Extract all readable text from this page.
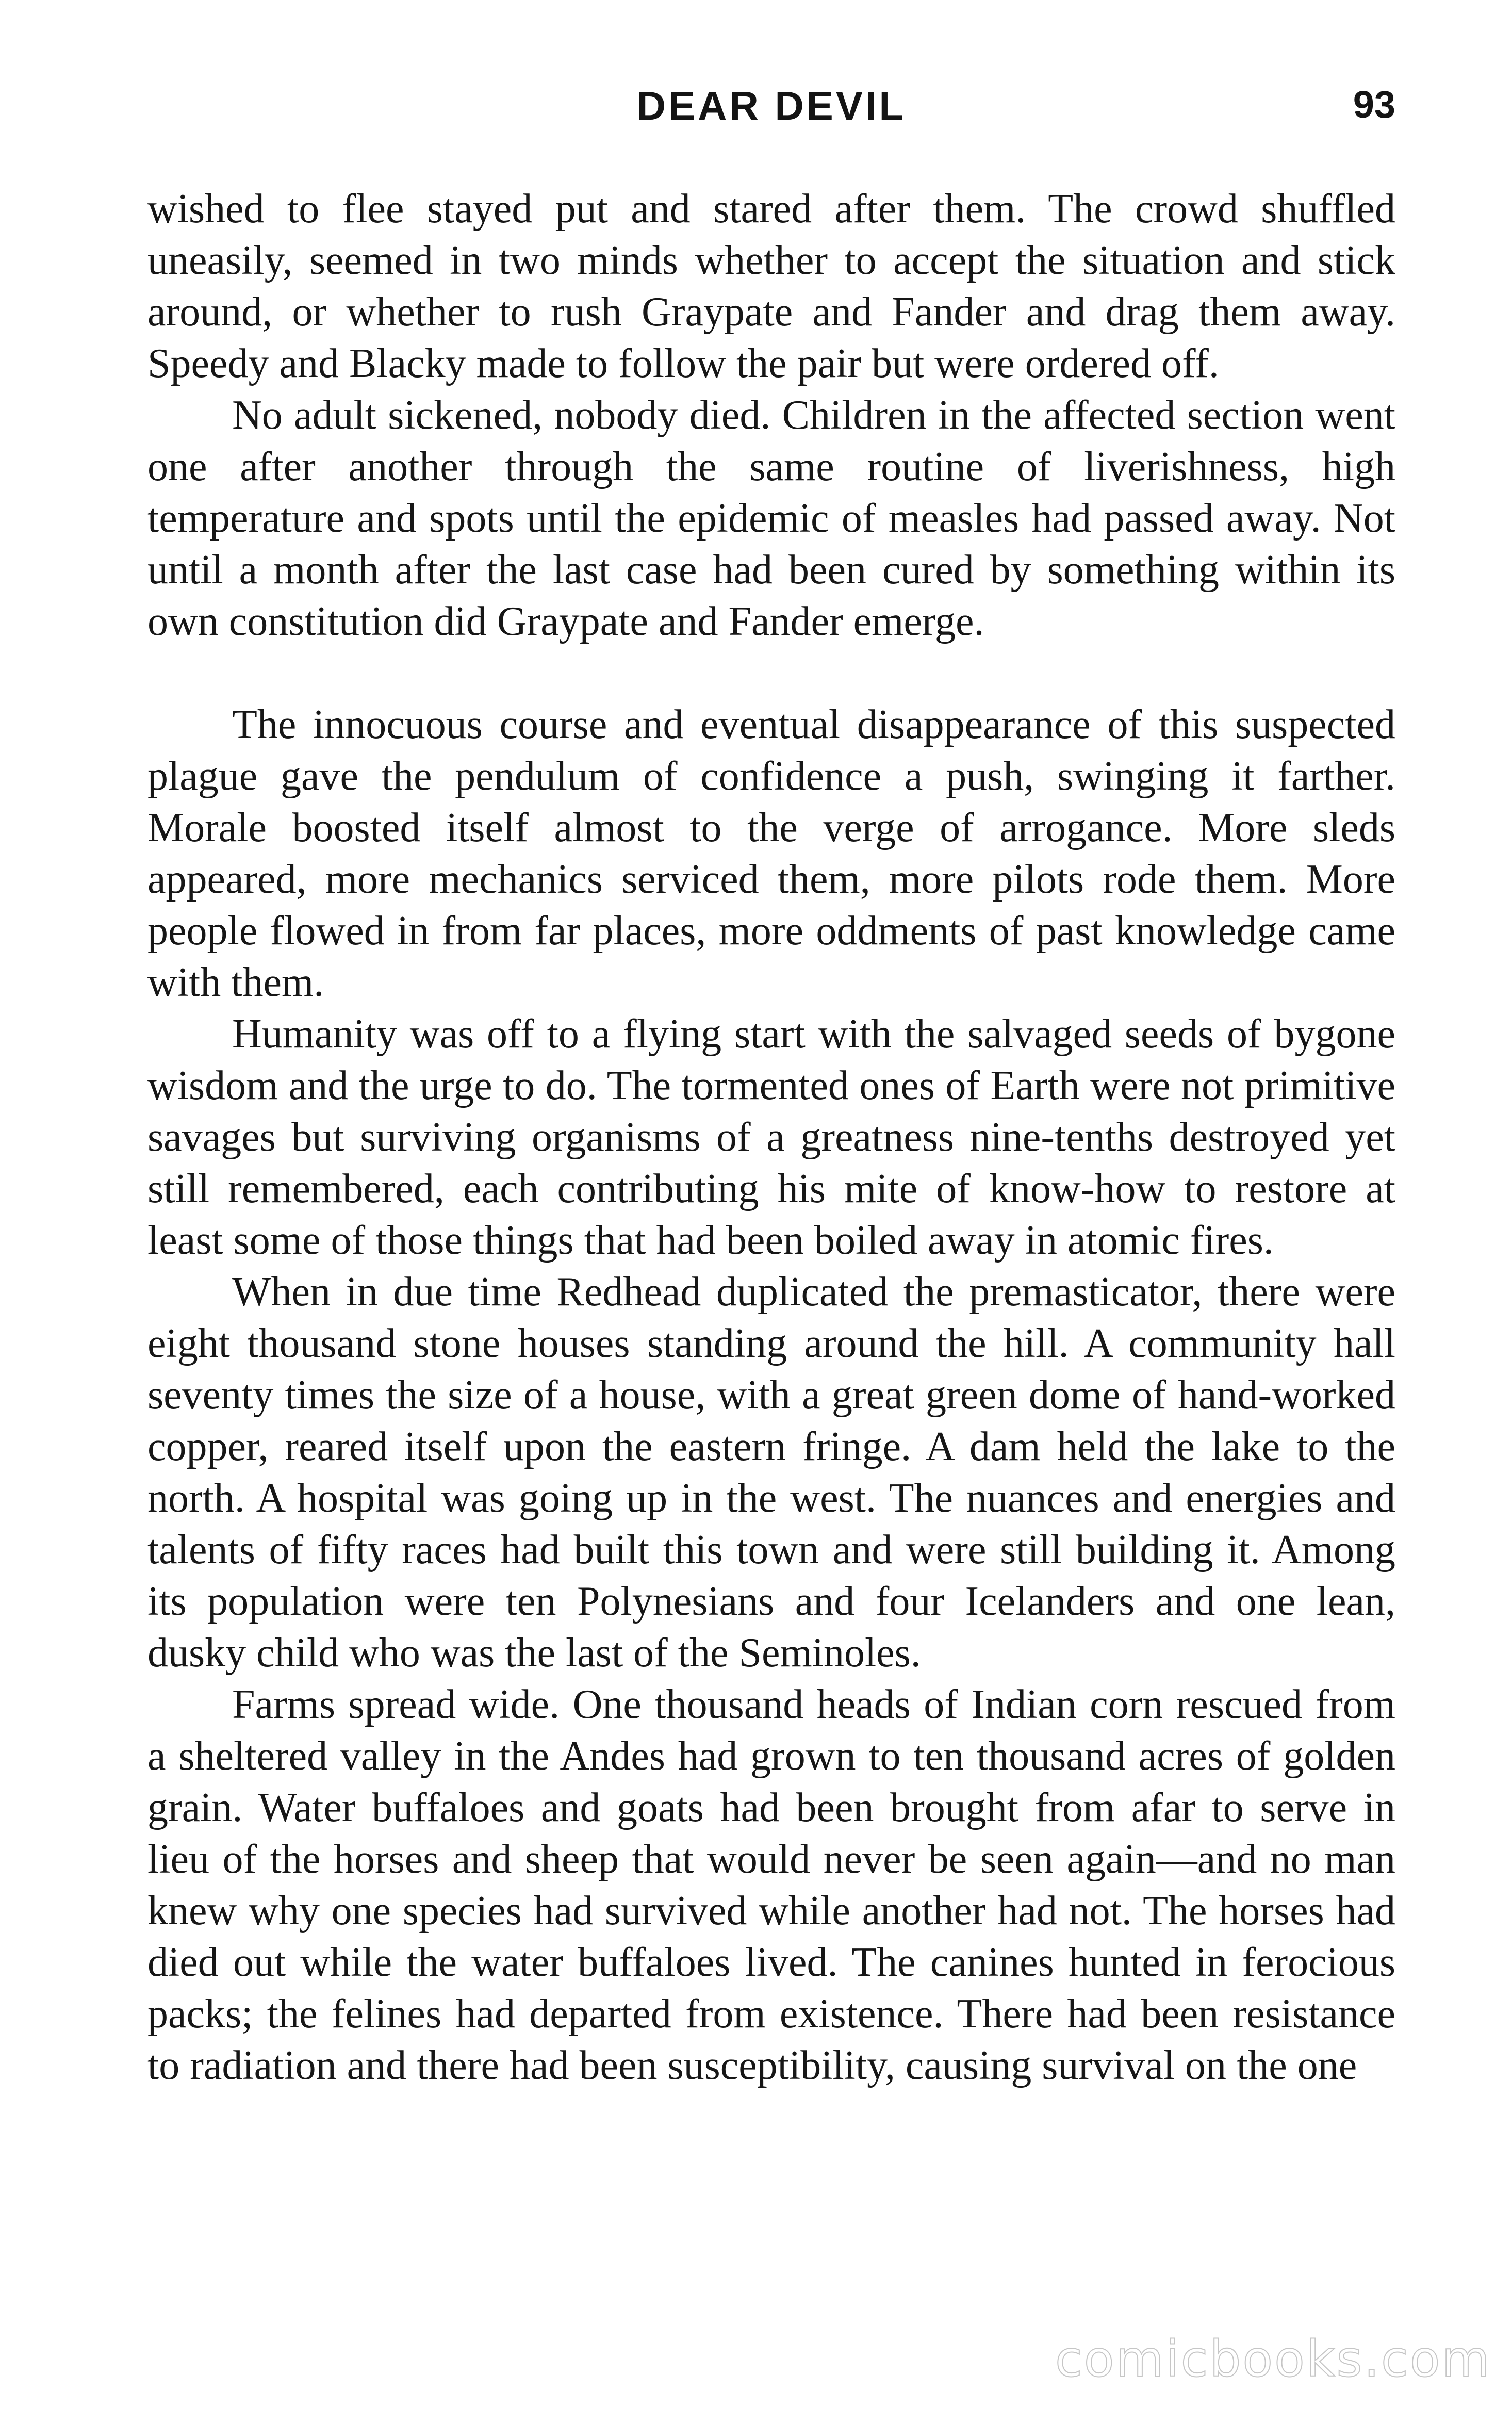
DEAR DEVIL	93

wished to flee stayed put and stared after them. The crowd shuffled uneasily, seemed in two minds whether to accept the situation and stick around, or whether to rush Graypate and Fander and drag them away. Speedy and Blacky made to follow the pair but were ordered off.

No adult sickened, nobody died. Children in the affected section went one after another through the same routine of liverishness, high temperature and spots until the epidemic of measles had passed away. Not until a month after the last case had been cured by something within its own constitution did Graypate and Fander emerge.

The innocuous course and eventual disappearance of this suspected plague gave the pendulum of confidence a push, swinging it farther. Morale boosted itself almost to the verge of arrogance. More sleds appeared, more mechanics serviced them, more pilots rode them. More people flowed in from far places, more oddments of past knowledge came with them.

Humanity was off to a flying start with the salvaged seeds of bygone wisdom and the urge to do. The tormented ones of Earth were not primitive savages but surviving organisms of a greatness nine-tenths destroyed yet still remembered, each contributing his mite of know-how to restore at least some of those things that had been boiled away in atomic fires.

When in due time Redhead duplicated the premasticator, there were eight thousand stone houses standing around the hill. A community hall seventy times the size of a house, with a great green dome of hand-worked copper, reared itself upon the eastern fringe. A dam held the lake to the north. A hospital was going up in the west. The nuances and energies and talents of fifty races had built this town and were still building it. Among its population were ten Polynesians and four Icelanders and one lean, dusky child who was the last of the Seminoles.

Farms spread wide. One thousand heads of Indian corn rescued from a sheltered valley in the Andes had grown to ten thousand acres of golden grain. Water buffaloes and goats had been brought from afar to serve in lieu of the horses and sheep that would never be seen again—and no man knew why one species had survived while another had not. The horses had died out while the water buffaloes lived. The canines hunted in ferocious packs; the felines had departed from existence. There had been resistance to radiation and there had been susceptibility, causing survival on the one

comicbooks.com
